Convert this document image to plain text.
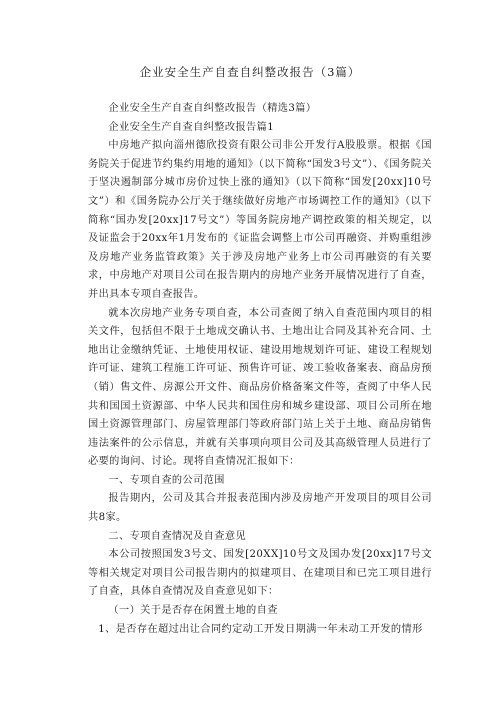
企业安全生产自查自纠整改报告（3篇）

企业安全生产自查自纠整改报告（精选3篇）

企业安全生产自查自纠整改报告篇1

中房地产拟向淄州德欣投资有限公司非公开发行A股股票。根据《国务院关于促进节约集约用地的通知》（以下简称“国发3号文”）、《国务院关于坚决遏制部分城市房价过快上涨的通知》（以下简称“国发[20xx]10号文”）和《国务院办公厅关于继续做好房地产市场调控工作的通知》（以下简称“国办发[20xx]17号文”）等国务院房地产调控政策的相关规定，以及证监会于20xx年1月发布的《证监会调整上市公司再融资、并购重组涉及房地产业务监管政策》关于涉及房地产业务上市公司再融资的有关要求，中房地产对项目公司在报告期内的房地产业务开展情况进行了自查，并出具本专项自查报告。

就本次房地产业务专项自查，本公司查阅了纳入自查范围内项目的相关文件，包括但不限于土地成交确认书、土地出让合同及其补充合同、土地出让金缴纳凭证、土地使用权证、建设用地规划许可证、建设工程规划许可证、建筑工程施工许可证、预售许可证、竣工验收备案表、商品房预（销）售文件、房源公开文件、商品房价格备案文件等，查阅了中华人民共和国国土资源部、中华人民共和国住房和城乡建设部、项目公司所在地国土资源管理部门、房屋管理部门等政府部门站上关于土地、商品房销售违法案件的公示信息，并就有关事项向项目公司及其高级管理人员进行了必要的询问、讨论。现将自查情况汇报如下：

一、专项自查的公司范围

报告期内，公司及其合并报表范围内涉及房地产开发项目的项目公司共8家。

二、专项自查情况及自查意见

本公司按照国发3号文、国发[20XX]10号文及国办发[20xx]17号文等相关规定对项目公司报告期内的拟建项目、在建项目和已完工项目进行了自查，具体自查情况及自查意见如下：

（一）关于是否存在闲置土地的自查

1、是否存在超过出让合同约定动工开发日期满一年未动工开发的情形
